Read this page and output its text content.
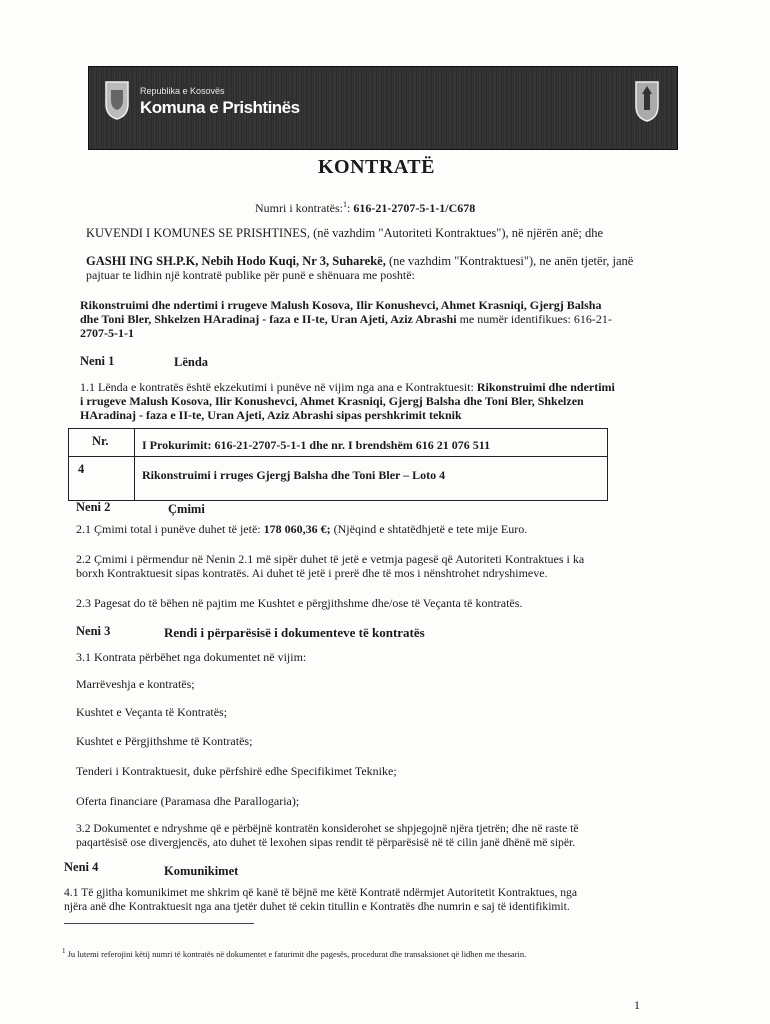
Republika e Kosovës
Komuna e Prishtinës
KONTRATË
Numri i kontratës:$^1$: 616-21-2707-5-1-1/C678
KUVENDI I KOMUNES SE PRISHTINES, (në vazhdim "Autoriteti Kontraktues"), në njërën anë; dhe
GASHI ING SH.P.K, Nebih Hodo Kuqi, Nr 3, Suharekë, (ne vazhdim "Kontraktuesi"), ne anën tjetër, janë
pajtuar te lidhin një kontratë publike për punë e shënuara me poshtë:
Rikonstruimi dhe ndertimi i rrugeve Malush Kosova, Ilir Konushevci, Ahmet Krasniqi, Gjergj Balsha
dhe Toni Bler, Shkelzen HAradinaj - faza e II-te, Uran Ajeti, Aziz Abrashi me numër identifikues: 616-21-
2707-5-1-1
Neni 1	Lënda
1.1 Lënda e kontratës është ekzekutimi i punëve në vijim nga ana e Kontraktuesit: Rikonstruimi dhe ndertimi
i rrugeve Malush Kosova, Ilir Konushevci, Ahmet Krasniqi, Gjergj Balsha dhe Toni Bler, Shkelzen
HAradinaj - faza e II-te, Uran Ajeti, Aziz Abrashi sipas pershkrimit teknik
Nr.	I Prokurimit: 616-21-2707-5-1-1 dhe nr. I brendshëm 616 21 076 511
4	Rikonstruimi i rruges Gjergj Balsha dhe Toni Bler – Loto 4
Neni 2	Çmimi
2.1 Çmimi total i punëve duhet të jetë: 178 060,36 €; (Njëqind e shtatëdhjetë e tete mije Euro.
2.2 Çmimi i përmendur në Nenin 2.1 më sipër duhet të jetë e vetmja pagesë që Autoriteti Kontraktues i ka
borxh Kontraktuesit sipas kontratës. Ai duhet të jetë i prerë dhe të mos i nënshtrohet ndryshimeve.
2.3 Pagesat do të bëhen në pajtim me Kushtet e përgjithshme dhe/ose të Veçanta të kontratës.
Neni 3	Rendi i përparësisë i dokumenteve të kontratës
3.1 Kontrata përbëhet nga dokumentet në vijim:
Marrëveshja e kontratës;
Kushtet e Veçanta të Kontratës;
Kushtet e Përgjithshme të Kontratës;
Tenderi i Kontraktuesit, duke përfshirë edhe Specifikimet Teknike;
Oferta financiare (Paramasa dhe Parallogaria);
3.2 Dokumentet e ndryshme që e përbëjnë kontratën konsiderohet se shpjegojnë njëra tjetrën; dhe në raste të
paqartësisë ose divergjencës, ato duhet të lexohen sipas rendit të përparësisë në të cilin janë dhënë më sipër.
Neni 4	Komunikimet
4.1 Të gjitha komunikimet me shkrim që kanë të bëjnë me këtë Kontratë ndërmjet Autoritetit Kontraktues, nga
njëra anë dhe Kontraktuesit nga ana tjetër duhet të cekin titullin e Kontratës dhe numrin e saj të identifikimit.
$^1$ Ju lutemi referojini këtij numri të kontratës në dokumentet e faturimit dhe pagesës, procedurat dhe transaksionet që lidhen me thesarin.
1
